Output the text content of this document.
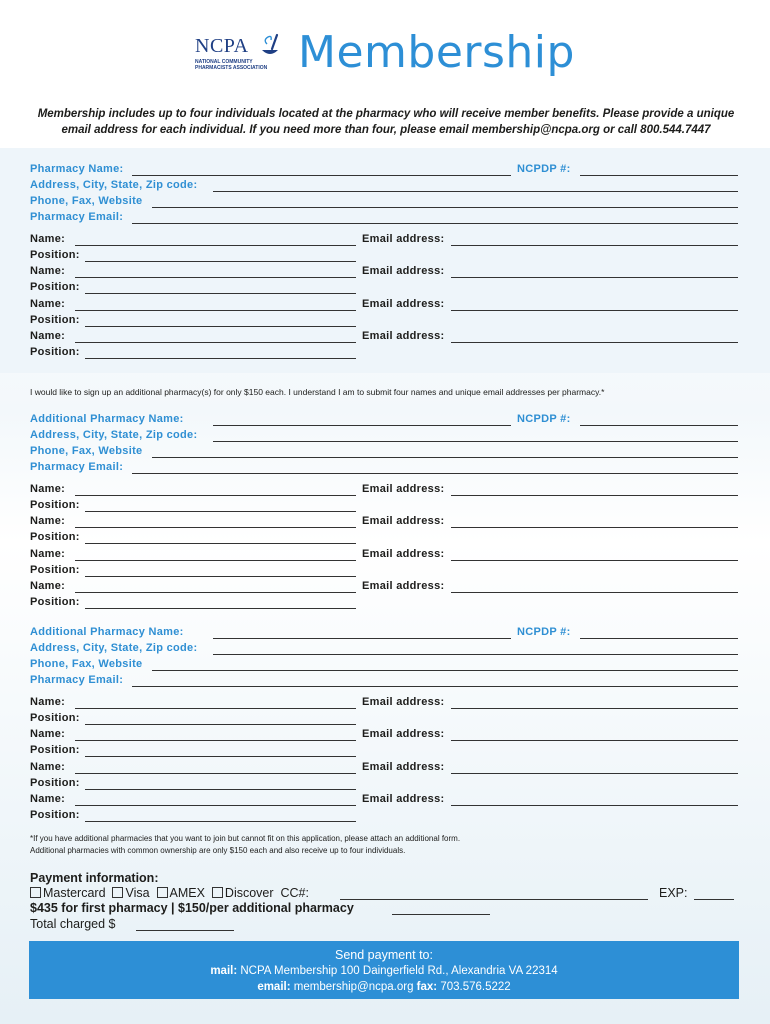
NCPA
NATIONAL COMMUNITY PHARMACISTS ASSOCIATION Membership
Membership includes up to four individuals located at the pharmacy who will receive member benefits. Please provide a unique email address for each individual. If you need more than four, please email membership@ncpa.org or call 800.544.7447
Pharmacy Name:	NCPDP #:
Address, City, State, Zip code:
Phone, Fax, Website
Pharmacy Email:
Name:	Email address:
Position:
Name:	Email address:
Position:
Name:	Email address:
Position:
Name:	Email address:
Position:
I would like to sign up an additional pharmacy(s) for only $150 each. I understand I am to submit four names and unique email addresses per pharmacy.*
Additional Pharmacy Name:	NCPDP #:
Address, City, State, Zip code:
Phone, Fax, Website
Pharmacy Email:
Name:	Email address:
Position:
Name:	Email address:
Position:
Name:	Email address:
Position:
Name:	Email address:
Position:
Additional Pharmacy Name:	NCPDP #:
Address, City, State, Zip code:
Phone, Fax, Website
Pharmacy Email:
Name:	Email address:
Position:
Name:	Email address:
Position:
Name:	Email address:
Position:
Name:	Email address:
Position:
*If you have additional pharmacies that you want to join but cannot fit on this application, please attach an additional form.
Additional pharmacies with common ownership are only $150 each and also receive up to four individuals.
Payment information:
Mastercard Visa AMEX Discover CC#:	EXP:
$435 for first pharmacy | $150/per additional pharmacy
Total charged $
Send payment to:
mail: NCPA Membership 100 Daingerfield Rd., Alexandria VA 22314
email: membership@ncpa.org fax: 703.576.5222
